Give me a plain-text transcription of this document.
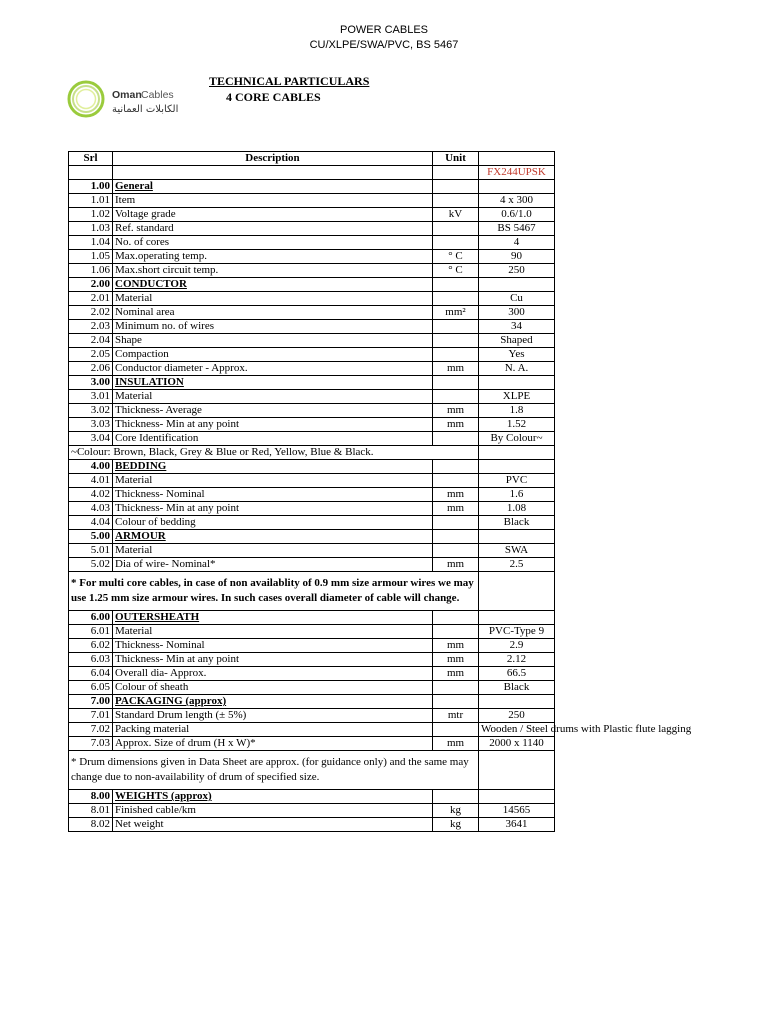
POWER CABLES
CU/XLPE/SWA/PVC, BS 5467
Oman Cables
الكابلات العمانية
TECHNICAL PARTICULARS
4 CORE CABLES
Srl	Description	Unit	
			FX244UPSK
1.00	General		
1.01	Item		4 x 300
1.02	Voltage grade	kV	0.6/1.0
1.03	Ref. standard		BS 5467
1.04	No. of cores		4
1.05	Max.operating temp.	° C	90
1.06	Max.short circuit temp.	° C	250
2.00	CONDUCTOR		
2.01	Material		Cu
2.02	Nominal area	mm²	300
2.03	Minimum no. of wires		34
2.04	Shape		Shaped
2.05	Compaction		Yes
2.06	Conductor diameter - Approx.	mm	N. A.
3.00	INSULATION		
3.01	Material		XLPE
3.02	Thickness- Average	mm	1.8
3.03	Thickness- Min at any point	mm	1.52
3.04	Core Identification		By Colour~
~Colour: Brown, Black, Grey & Blue or Red, Yellow, Blue & Black.			
4.00	BEDDING		
4.01	Material		PVC
4.02	Thickness- Nominal	mm	1.6
4.03	Thickness- Min at any point	mm	1.08
4.04	Colour of bedding		Black
5.00	ARMOUR		
5.01	Material		SWA
5.02	Dia of wire- Nominal*	mm	2.5
* For multi core cables, in case of non availablity of 0.9 mm size armour wires we may use 1.25 mm size armour wires. In such cases overall diameter of cable will change.			
6.00	OUTERSHEATH		
6.01	Material		PVC-Type 9
6.02	Thickness- Nominal	mm	2.9
6.03	Thickness- Min at any point	mm	2.12
6.04	Overall dia- Approx.	mm	66.5
6.05	Colour of sheath		Black
7.00	PACKAGING (approx)		
7.01	Standard Drum length (± 5%)	mtr	250
7.02	Packing material		Wooden / Steel drums with Plastic flute lagging
7.03	Approx. Size of drum (H x W)*	mm	2000 x 1140
* Drum dimensions given in Data Sheet are approx. (for guidance only) and the same may change due to non-availability of drum of specified size.			
8.00	WEIGHTS (approx)		
8.01	Finished cable/km	kg	14565
8.02	Net weight	kg	3641
